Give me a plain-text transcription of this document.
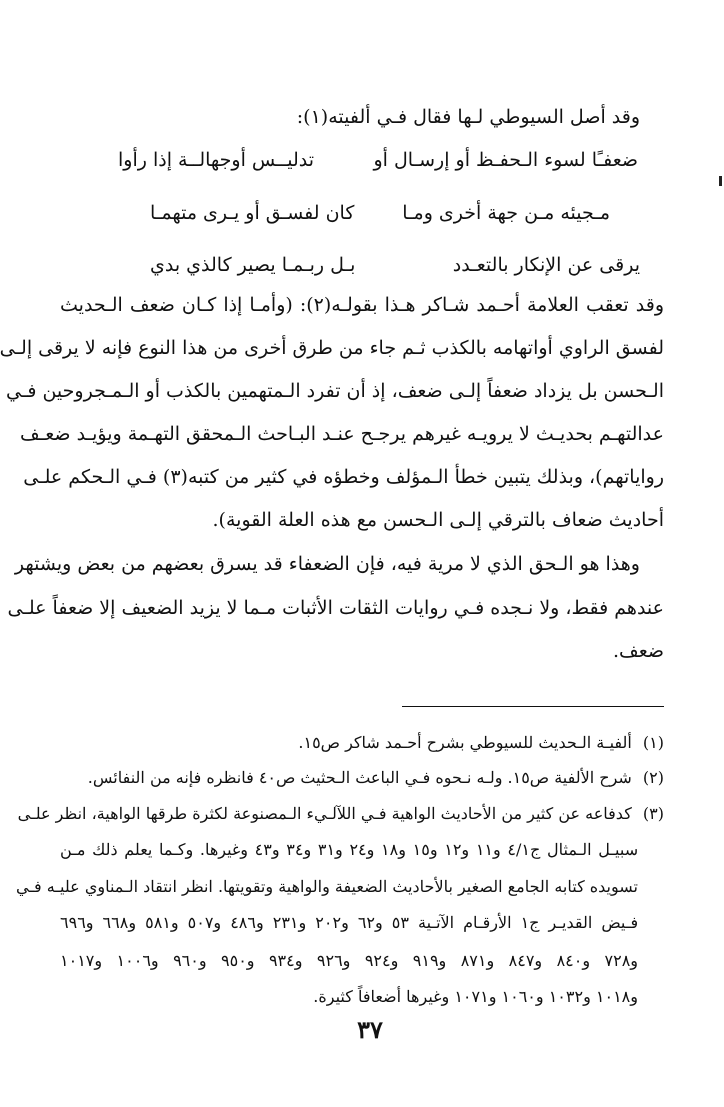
وقد أصل السيوطي لـها فقال فـي ألفيته(١):
ضعفـًا لسوء الـحفـظ أو إرسـال أو
تدليــس أوجهالــة إذا رأوا
مـجيئه مـن جهة أخرى ومـا
كان لفسـق أو يـرى متهمـا
يرقى عن الإنكار بالتعـدد
بـل ربـمـا يصير كالذي بدي
وقد تعقب العلامة أحـمد شـاكر هـذا بقولـه(٢): (وأمـا إذا كـان ضعف الـحديث
لفسق الراوي أواتهامه بالكذب ثـم جاء من طرق أخرى من هذا النوع فإنه لا يرقى إلـى
الـحسن بل يزداد ضعفاً إلـى ضعف، إذ أن تفرد الـمتهمين بالكذب أو الـمـجروحين فـي
عدالتهـم بحديـث لا يرويـه غيرهم يرجـح عنـد البـاحث الـمحقق التهـمة ويؤيـد ضعـف
رواياتهم)، وبذلك يتبين خطأ الـمؤلف وخطؤه في كثير من كتبه(٣) فـي الـحكم علـى
أحاديث ضعاف بالترقي إلـى الـحسن مع هذه العلة القوية).
وهذا هو الـحق الذي لا مرية فيه، فإن الضعفاء قد يسرق بعضهم من بعض ويشتهر
عندهم فقط، ولا نـجده فـي روايات الثقات الأثبات مـما لا يزيد الضعيف إلا ضعفاً علـى
ضعف.
(١) ألفيـة الـحديث للسيوطي بشرح أحـمد شاكر ص١٥.
(٢) شرح الألفية ص١٥. ولـه نـحوه فـي الباعث الـحثيث ص٤٠ فانظره فإنه من النفائس.
(٣) كدفاعه عن كثير من الأحاديث الواهية فـي اللآلـيء الـمصنوعة لكثرة طرقها الواهية، انظر علـى
سبيـل الـمثال ج٤/١ و١١ و١٢ و١٥ و١٨ و٢٤ و٣١ و٣٤ و٤٣ وغيرها. وكـما يعلم ذلك مـن
تسويده كتابه الجامع الصغير بالأحاديث الضعيفة والواهية وتقويتها. انظر انتقاد الـمناوي عليـه فـي
فـيض القديـر ج١ الأرقـام الآتـية ٥٣ و٦٢ و٢٠٢ و٢٣١ و٤٨٦ و٥٠٧ و٥٨١ و٦٦٨ و٦٩٦
و٧٢٨ و٨٤٠ و٨٤٧ و٨٧١ و٩١٩ و٩٢٤ و٩٢٦ و٩٣٤ و٩٥٠ و٩٦٠ و١٠٠٦ و١٠١٧
و١٠١٨ و١٠٣٢ و١٠٦٠ و١٠٧١ وغيرها أضعافاً كثيرة.
٣٧
